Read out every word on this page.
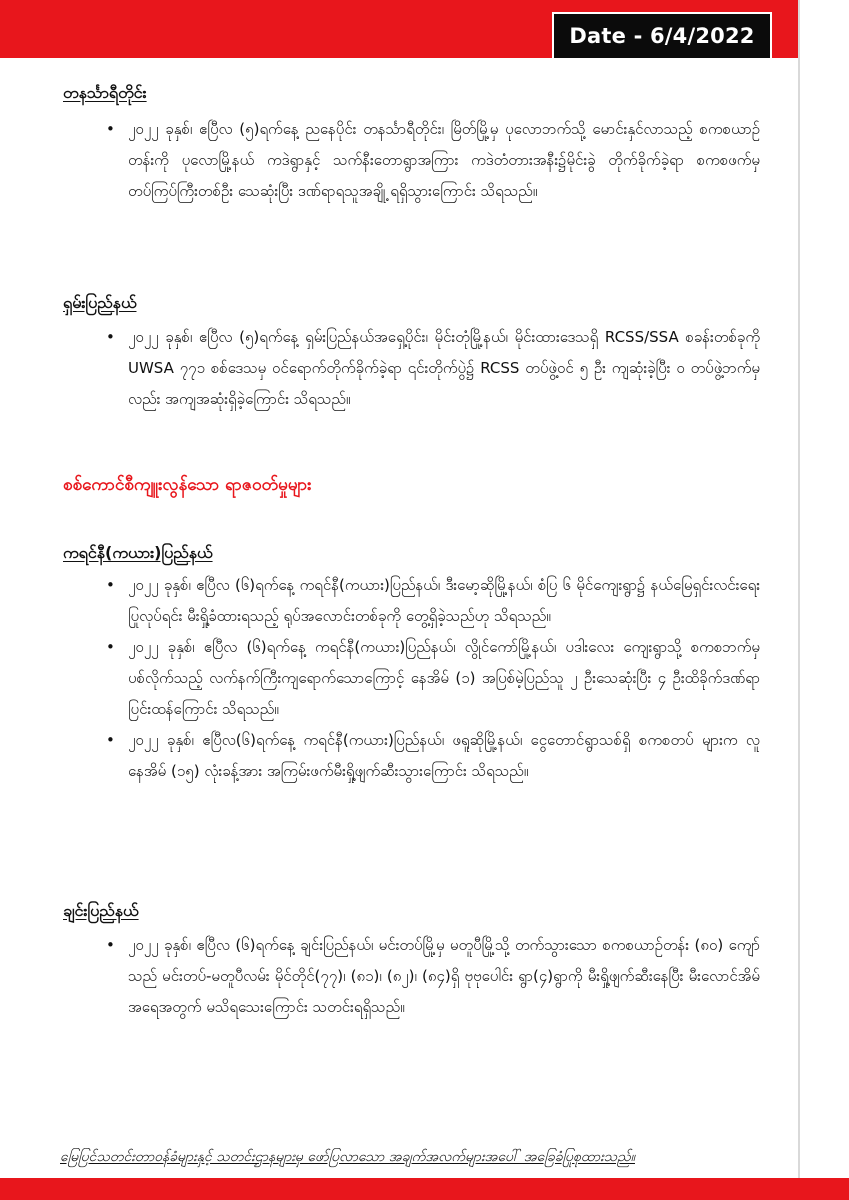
Date - 6/4/2022
တနင်္သာရီတိုင်း
• ၂၀၂၂ ခုနှစ်၊ ဧပြီလ (၅)ရက်နေ့ ညနေပိုင်း တနင်္သာရီတိုင်း၊ မြိတ်မြို့မှ ပုလောဘက်သို့ မောင်းနှင်လာသည့် စကစယာဉ်တန်းကို ပုလောမြို့နယ် ကဒဲရွာနှင့် သက်နီးတောရွာအကြား ကဒဲတံတားအနီး၌မိုင်းခွဲ တိုက်ခိုက်ခဲ့ရာ စကစဖက်မှ တပ်ကြပ်ကြီးတစ်ဦး သေဆုံးပြီး ဒဏ်ရာရသူအချို့ ရရှိသွားကြောင်း သိရသည်။
ရှမ်းပြည်နယ်
• ၂၀၂၂ ခုနှစ်၊ ဧပြီလ (၅)ရက်နေ့ ရှမ်းပြည်နယ်အရှေ့ပိုင်း၊ မိုင်းတုံမြို့နယ်၊ မိုင်းထားဒေသရှိ RCSS/SSA စခန်းတစ်ခုကို UWSA ၇၇၁ စစ်ဒေသမှ ဝင်ရောက်တိုက်ခိုက်ခဲ့ရာ ၎င်းတိုက်ပွဲ၌ RCSS တပ်ဖွဲ့ဝင် ၅ ဦး ကျဆုံးခဲ့ပြီး ဝ တပ်ဖွဲ့ဘက်မှလည်း အကျအဆုံးရှိခဲ့ကြောင်း သိရသည်။
စစ်ကောင်စီကျူးလွန်သော ရာဇဝတ်မှုများ
ကရင်နီ(ကယား)ပြည်နယ်
• ၂၀၂၂ ခုနှစ်၊ ဧပြီလ (၆)ရက်နေ့ ကရင်နီ(ကယား)ပြည်နယ်၊ ဒီးမော့ဆိုမြို့နယ်၊ စံပြ ၆ မိုင်ကျေးရွာ၌ နယ်မြေရှင်းလင်းရေးပြုလုပ်ရင်း မီးရှို့ခံထားရသည့် ရုပ်အလောင်းတစ်ခုကို တွေ့ရှိခဲ့သည်ဟု သိရသည်။
• ၂၀၂၂ ခုနှစ်၊ ဧပြီလ (၆)ရက်နေ့ ကရင်နီ(ကယား)ပြည်နယ်၊ လွိုင်ကော်မြို့နယ်၊ ပဒါးလေး ကျေးရွာသို့ စကစဘက်မှ ပစ်လိုက်သည့် လက်နက်ကြီးကျရောက်သောကြောင့် နေအိမ် (၁) အပြစ်မဲ့ပြည်သူ ၂ ဦးသေဆုံးပြီး ၄ ဦးထိခိုက်ဒဏ်ရာပြင်းထန်ကြောင်း သိရသည်။
• ၂၀၂၂ ခုနှစ်၊ ဧပြီလ(၆)ရက်နေ့ ကရင်နီ(ကယား)ပြည်နယ်၊ ဖရူဆိုမြို့နယ်၊ ငွေတောင်ရွာသစ်ရှိ စကစတပ် များက လူနေအိမ် (၁၅) လုံးခန့်အား အကြမ်းဖက်မီးရှို့ဖျက်ဆီးသွားကြောင်း သိရသည်။
ချင်းပြည်နယ်
• ၂၀၂၂ ခုနှစ်၊ ဧပြီလ (၆)ရက်နေ့ ချင်းပြည်နယ်၊ မင်းတပ်မြို့မှ မတူပီမြို့သို့ တက်သွားသော စကစယာဉ်တန်း (၈၀) ကျော် သည် မင်းတပ်-မတူပီလမ်း မိုင်တိုင်(၇၇)၊ (၈၁)၊ (၈၂)၊ (၈၄)ရှိ ဗုဗုပေါင်း ရွာ(၄)ရွာကို မီးရှို့ဖျက်ဆီးနေပြီး မီးလောင်အိမ်အရေအတွက် မသိရသေးကြောင်း သတင်းရရှိသည်။
မြေပြင်သတင်းတာဝန်ခံများနှင့် သတင်းဌာနများမှ ဖော်ပြလာသော အချက်အလက်များအပေါ် အခြေခံပြုစုထားသည်။
